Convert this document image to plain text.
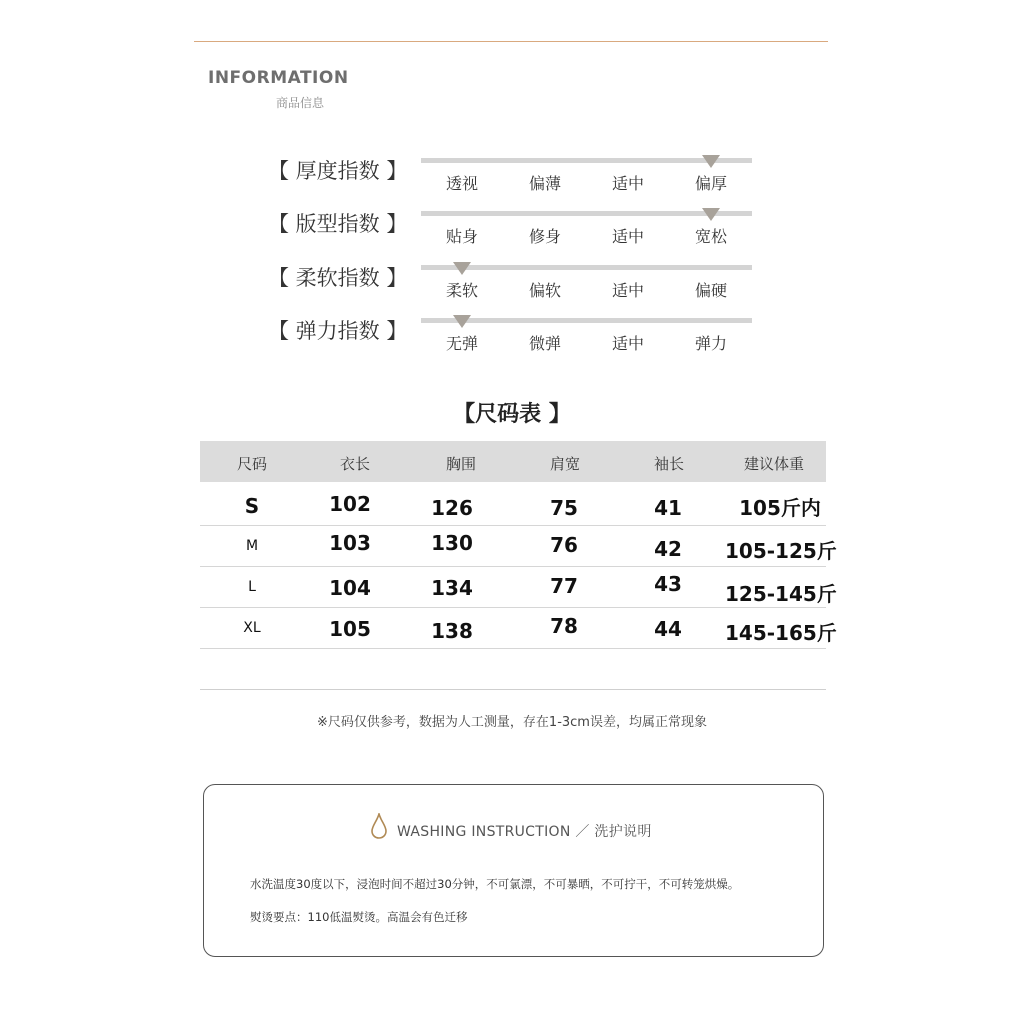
INFORMATION
商品信息
【 厚度指数 】
透视	偏薄	适中	偏厚
【 版型指数 】
贴身	修身	适中	宽松
【 柔软指数 】
柔软	偏软	适中	偏硬
【 弹力指数 】
无弹	微弹	适中	弹力
【尺码表 】
尺码	衣长	胸围	肩宽	袖长	建议体重
S	102	126	75	41	105斤内
M	103	130	76	42	105-125斤
L	104	134	77	43	125-145斤
XL	105	138	78	44	145-165斤
※尺码仅供参考，数据为人工测量，存在1-3cm误差，均属正常现象
WASHING INSTRUCTION ／ 洗护说明
水洗温度30度以下，浸泡时间不超过30分钟，不可氯漂，不可暴晒，不可拧干，不可转笼烘燥。
熨烫要点：110低温熨烫。高温会有色迁移
